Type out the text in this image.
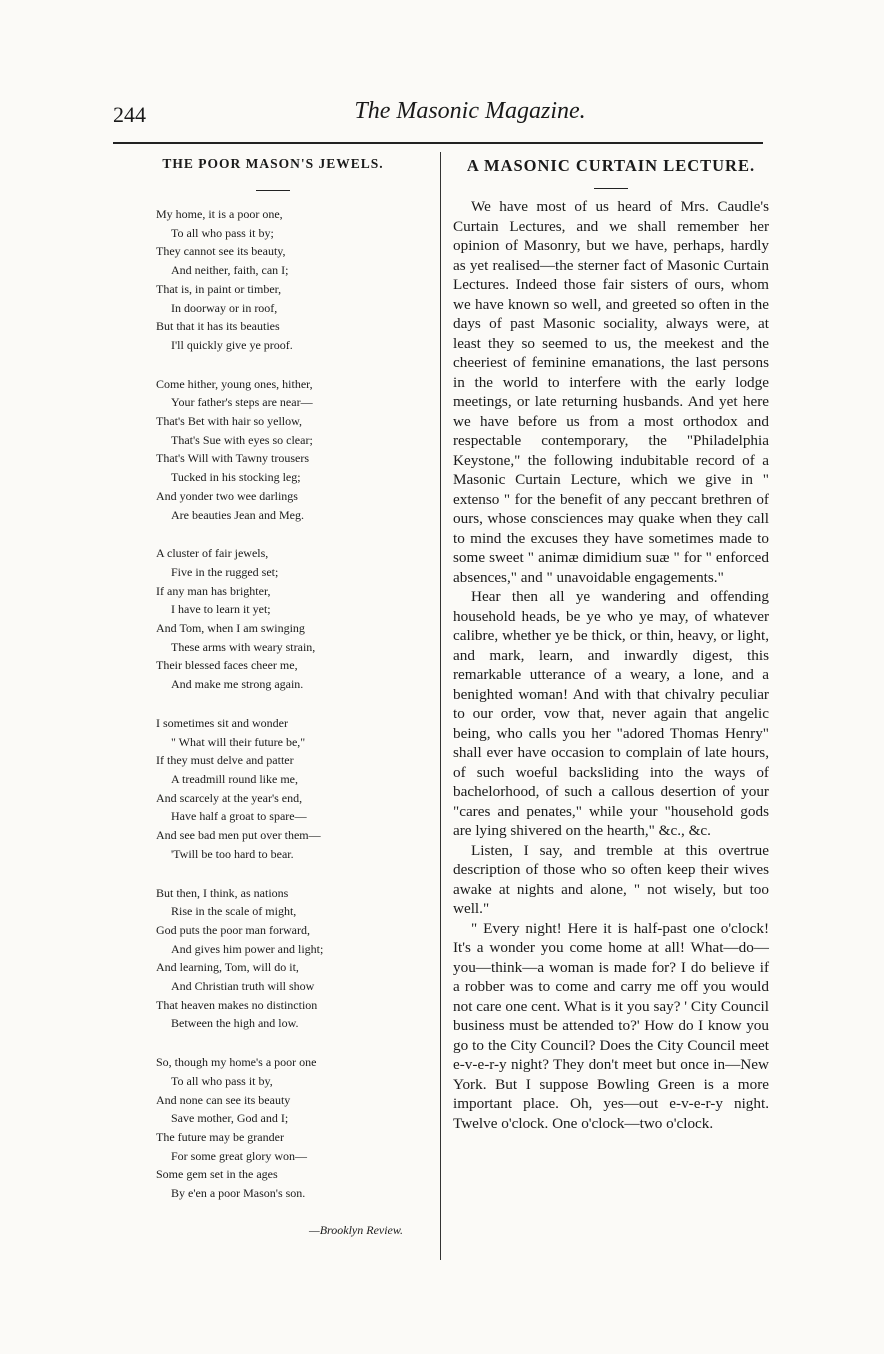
244	The Masonic Magazine.
THE POOR MASON'S JEWELS.
My home, it is a poor one,
To all who pass it by;
They cannot see its beauty,
And neither, faith, can I;
That is, in paint or timber,
In doorway or in roof,
But that it has its beauties
I'll quickly give ye proof.
Come hither, young ones, hither,
Your father's steps are near—
That's Bet with hair so yellow,
That's Sue with eyes so clear;
That's Will with Tawny trousers
Tucked in his stocking leg;
And yonder two wee darlings
Are beauties Jean and Meg.
A cluster of fair jewels,
Five in the rugged set;
If any man has brighter,
I have to learn it yet;
And Tom, when I am swinging
These arms with weary strain,
Their blessed faces cheer me,
And make me strong again.
I sometimes sit and wonder
" What will their future be,"
If they must delve and patter
A treadmill round like me,
And scarcely at the year's end,
Have half a groat to spare—
And see bad men put over them—
'Twill be too hard to bear.
But then, I think, as nations
Rise in the scale of might,
God puts the poor man forward,
And gives him power and light;
And learning, Tom, will do it,
And Christian truth will show
That heaven makes no distinction
Between the high and low.
So, though my home's a poor one
To all who pass it by,
And none can see its beauty
Save mother, God and I;
The future may be grander
For some great glory won—
Some gem set in the ages
By e'en a poor Mason's son.
—Brooklyn Review.
A MASONIC CURTAIN LECTURE.

We have most of us heard of Mrs. Caudle's Curtain Lectures, and we shall remember her opinion of Masonry, but we have, perhaps, hardly as yet realised—the sterner fact of Masonic Curtain Lectures. Indeed those fair sisters of ours, whom we have known so well, and greeted so often in the days of past Masonic sociality, always were, at least they so seemed to us, the meekest and the cheeriest of feminine emanations, the last persons in the world to interfere with the early lodge meetings, or late returning husbands. And yet here we have before us from a most orthodox and respectable contemporary, the "Philadelphia Keystone," the following indubitable record of a Masonic Curtain Lecture, which we give in " extenso " for the benefit of any peccant brethren of ours, whose consciences may quake when they call to mind the excuses they have sometimes made to some sweet " animæ dimidium suæ " for " enforced absences," and " unavoidable engagements."

Hear then all ye wandering and offending household heads, be ye who ye may, of whatever calibre, whether ye be thick, or thin, heavy, or light, and mark, learn, and inwardly digest, this remarkable utterance of a weary, a lone, and a benighted woman! And with that chivalry peculiar to our order, vow that, never again that angelic being, who calls you her "adored Thomas Henry" shall ever have occasion to complain of late hours, of such woeful backsliding into the ways of bachelorhood, of such a callous desertion of your "cares and penates," while your "household gods are lying shivered on the hearth," &c., &c.

Listen, I say, and tremble at this overtrue description of those who so often keep their wives awake at nights and alone, " not wisely, but too well."

" Every night! Here it is half-past one o'clock! It's a wonder you come home at all! What—do—you—think—a woman is made for? I do believe if a robber was to come and carry me off you would not care one cent. What is it you say? ' City Council business must be attended to?' How do I know you go to the City Council? Does the City Council meet e-v-e-r-y night? They don't meet but once in—New York. But I suppose Bowling Green is a more important place. Oh, yes—out e-v-e-r-y night. Twelve o'clock. One o'clock—two o'clock.
